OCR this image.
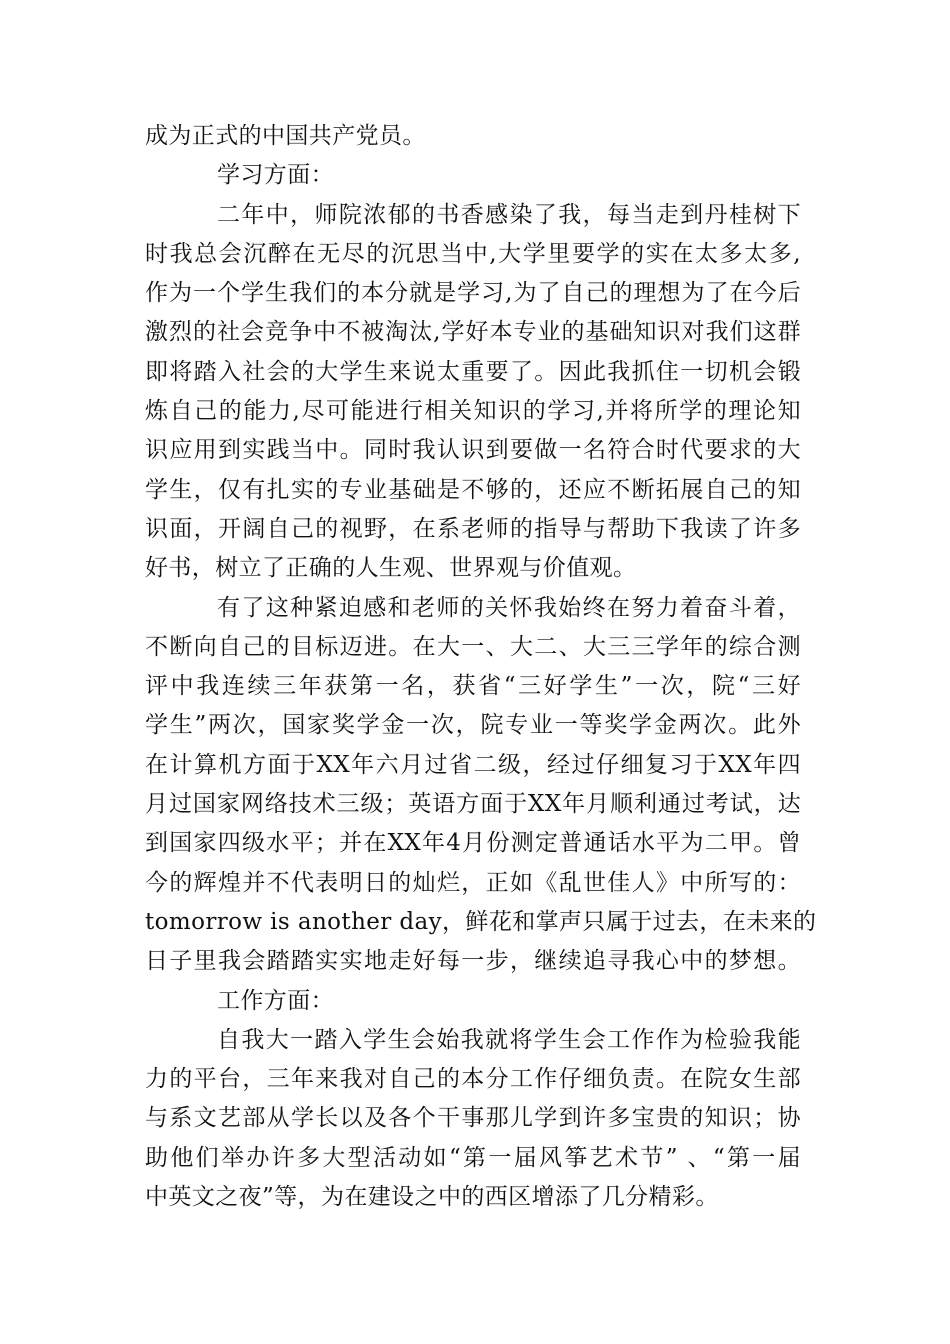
成为正式的中国共产党员。
学习方面：
二年中，师院浓郁的书香感染了我，每当走到丹桂树下
时我总会沉醉在无尽的沉思当中,大学里要学的实在太多太多,
作为一个学生我们的本分就是学习,为了自己的理想为了在今后
激烈的社会竞争中不被淘汰,学好本专业的基础知识对我们这群
即将踏入社会的大学生来说太重要了。因此我抓住一切机会锻
炼自己的能力,尽可能进行相关知识的学习,并将所学的理论知
识应用到实践当中。同时我认识到要做一名符合时代要求的大
学生，仅有扎实的专业基础是不够的，还应不断拓展自己的知
识面，开阔自己的视野，在系老师的指导与帮助下我读了许多
好书，树立了正确的人生观、世界观与价值观。
有了这种紧迫感和老师的关怀我始终在努力着奋斗着，
不断向自己的目标迈进。在大一、大二、大三三学年的综合测
评中我连续三年获第一名，获省“三好学生”一次，院“三好
学生”两次，国家奖学金一次，院专业一等奖学金两次。此外
在计算机方面于XX年六月过省二级，经过仔细复习于XX年四
月过国家网络技术三级；英语方面于XX年月顺利通过考试，达
到国家四级水平；并在XX年4月份测定普通话水平为二甲。曾
今的辉煌并不代表明日的灿烂，正如《乱世佳人》中所写的：
tomorrow is another day，鲜花和掌声只属于过去，在未来的
日子里我会踏踏实实地走好每一步，继续追寻我心中的梦想。
工作方面：
自我大一踏入学生会始我就将学生会工作作为检验我能
力的平台，三年来我对自己的本分工作仔细负责。在院女生部
与系文艺部从学长以及各个干事那儿学到许多宝贵的知识；协
助他们举办许多大型活动如“第一届风筝艺术节” 、“第一届
中英文之夜”等，为在建设之中的西区增添了几分精彩。
